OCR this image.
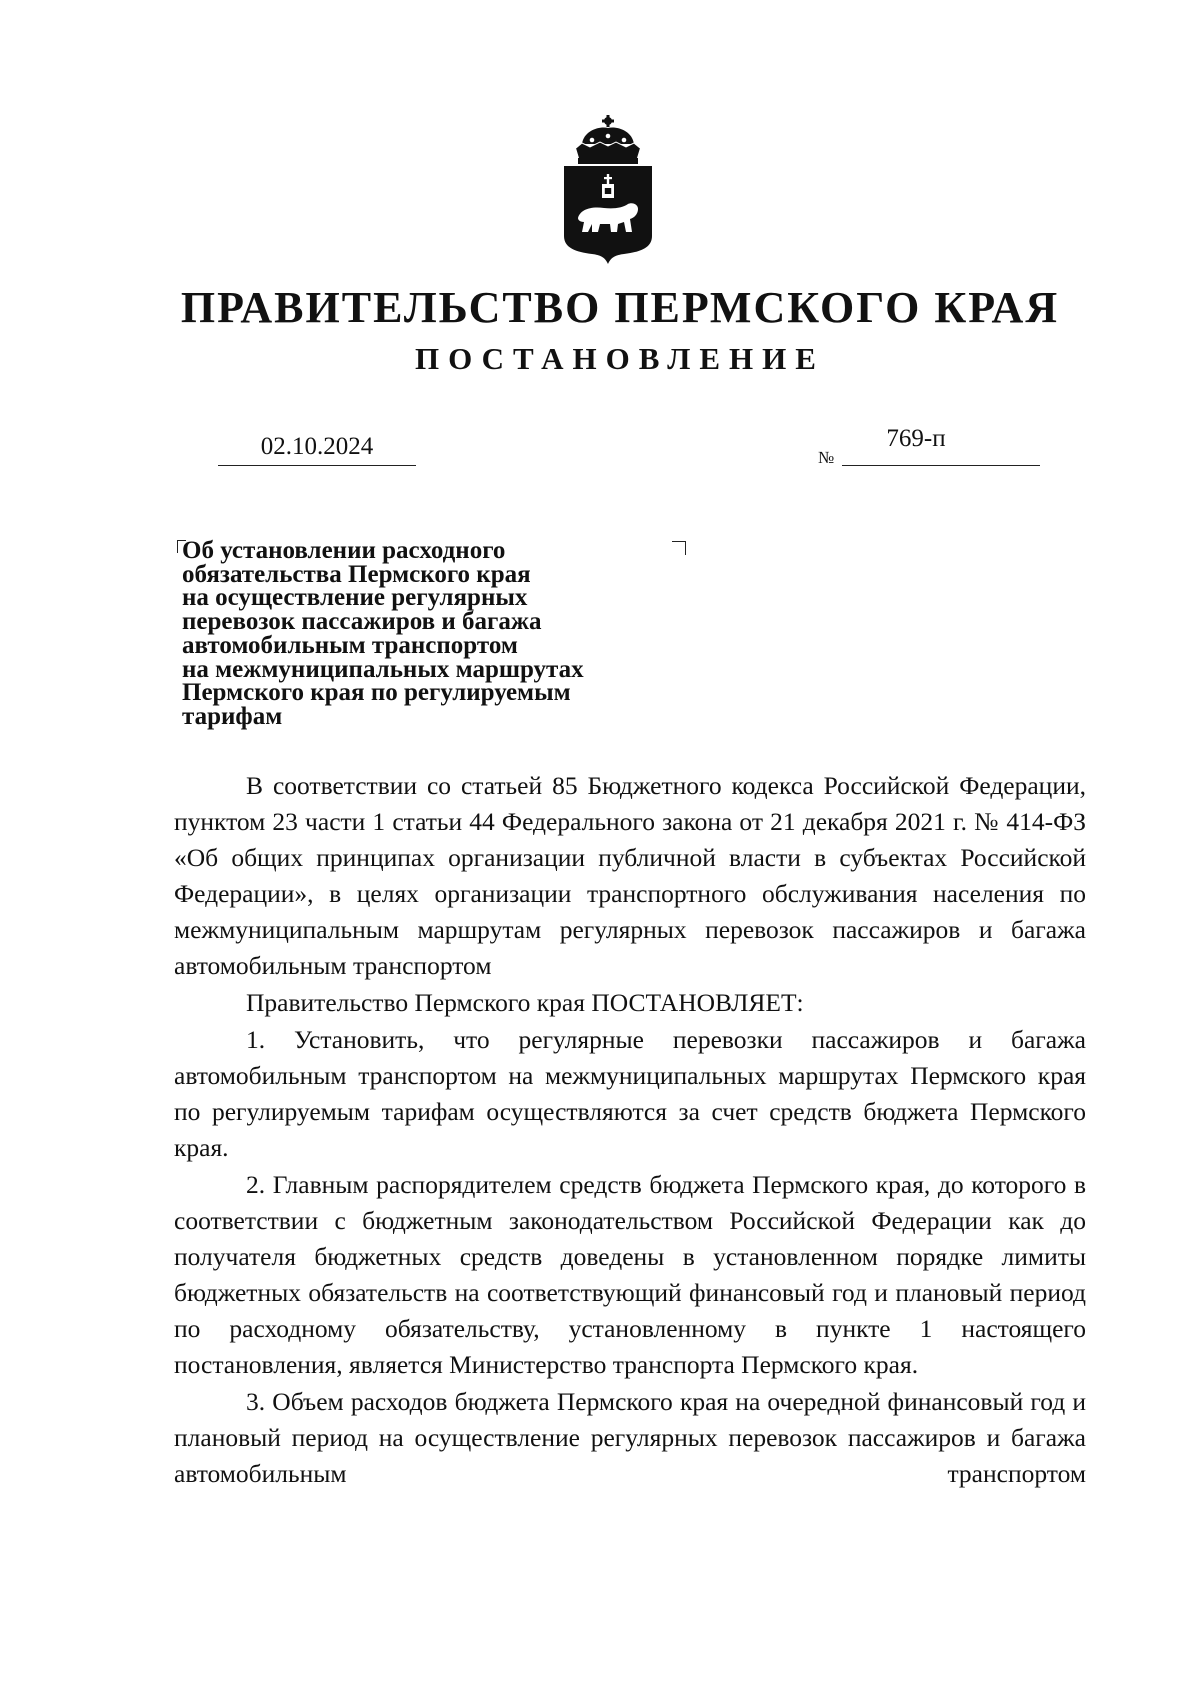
ПРАВИТЕЛЬСТВО ПЕРМСКОГО КРАЯ
ПОСТАНОВЛЕНИЕ
02.10.2024	№
769-п
Об установлении расходного
обязательства Пермского края
на осуществление регулярных
перевозок пассажиров и багажа
автомобильным транспортом
на межмуниципальных маршрутах
Пермского края по регулируемым
тарифам

В соответствии со статьей 85 Бюджетного кодекса Российской Федерации, пунктом 23 части 1 статьи 44 Федерального закона от 21 декабря 2021 г. № 414-ФЗ «Об общих принципах организации публичной власти в субъектах Российской Федерации», в целях организации транспортного обслуживания населения по межмуниципальным маршрутам регулярных перевозок пассажиров и багажа автомобильным транспортом

Правительство Пермского края ПОСТАНОВЛЯЕТ:

1. Установить, что регулярные перевозки пассажиров и багажа автомобильным транспортом на межмуниципальных маршрутах Пермского края по регулируемым тарифам осуществляются за счет средств бюджета Пермского края.

2. Главным распорядителем средств бюджета Пермского края, до которого в соответствии с бюджетным законодательством Российской Федерации как до получателя бюджетных средств доведены в установленном порядке лимиты бюджетных обязательств на соответствующий финансовый год и плановый период по расходному обязательству, установленному в пункте 1 настоящего постановления, является Министерство транспорта Пермского края.

3. Объем расходов бюджета Пермского края на очередной финансовый год и плановый период на осуществление регулярных перевозок пассажиров и багажа автомобильным транспортом
